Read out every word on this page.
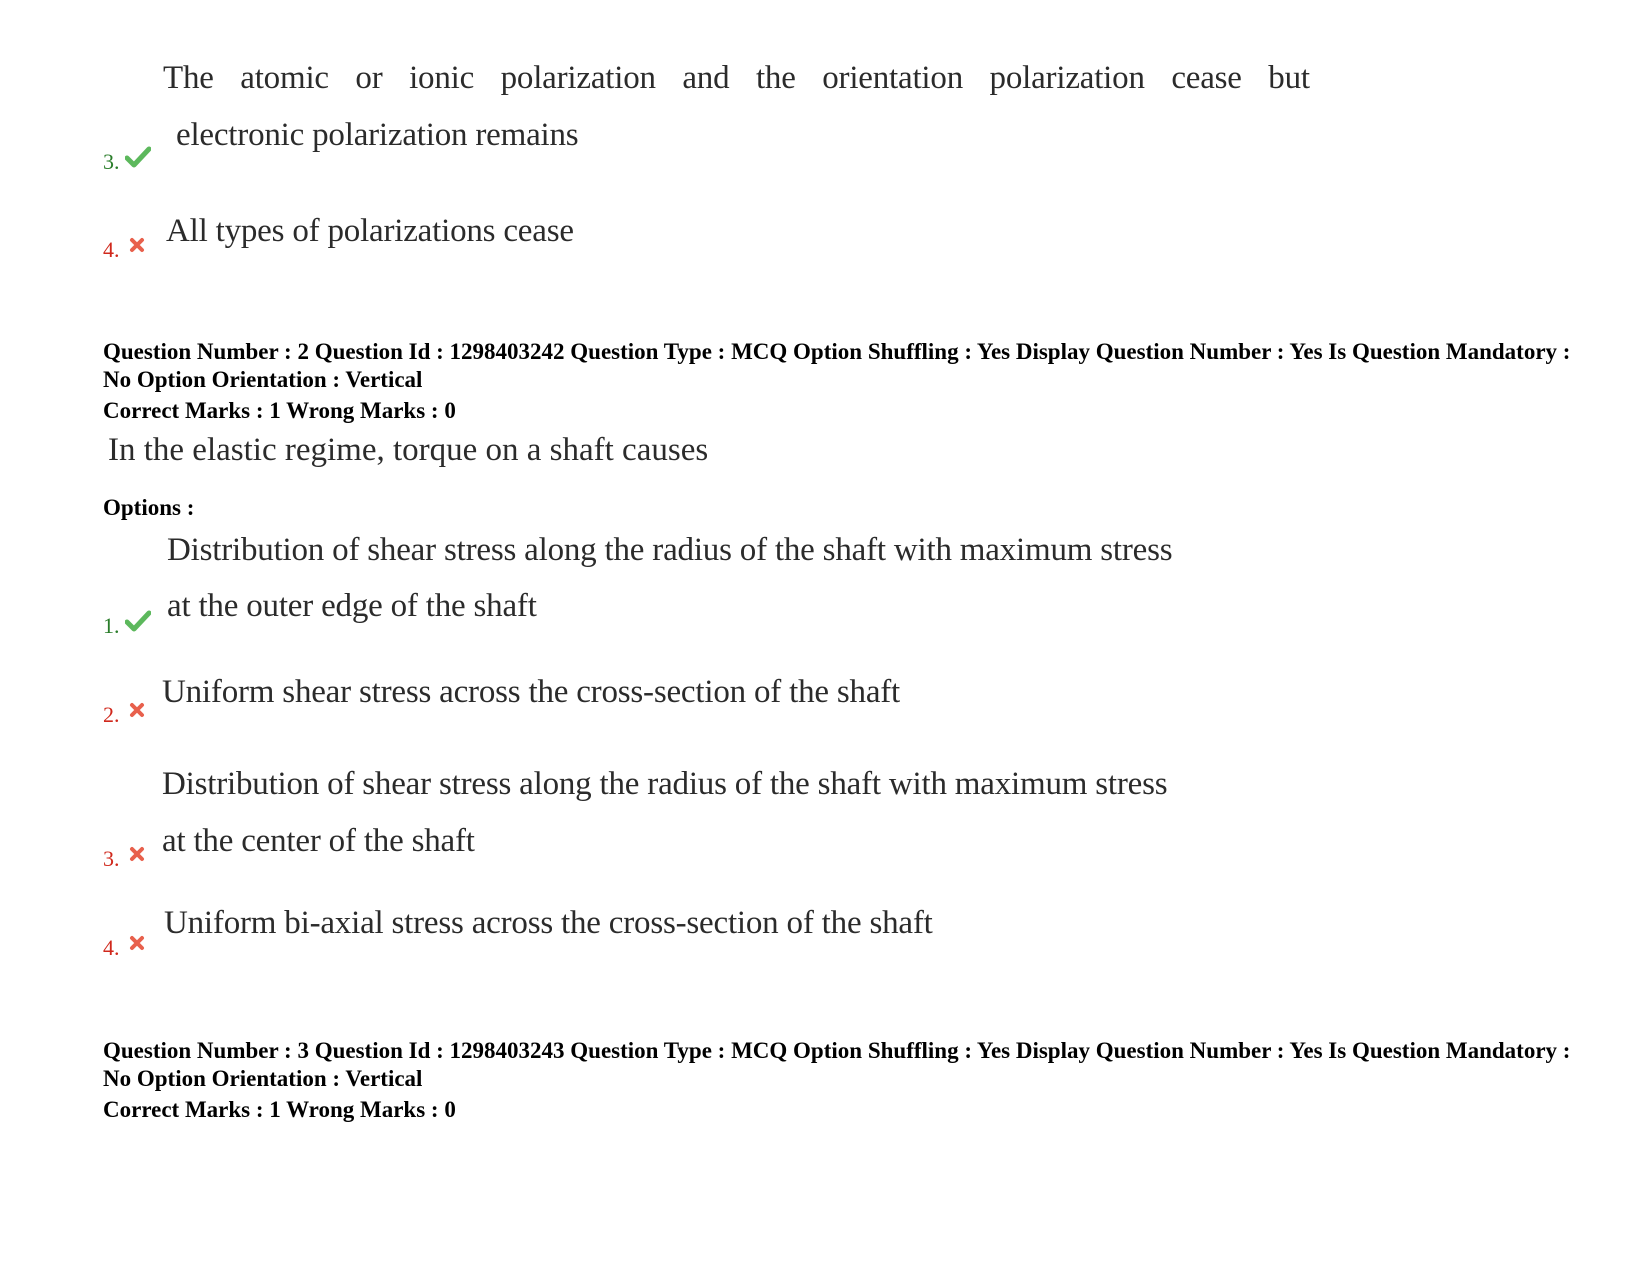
The atomic or ionic polarization and the orientation polarization cease but
electronic polarization remains
3.
All types of polarizations cease
4.
Question Number : 2 Question Id : 1298403242 Question Type : MCQ Option Shuffling : Yes Display Question Number : Yes Is Question Mandatory : No Option Orientation : Vertical
Correct Marks : 1 Wrong Marks : 0
In the elastic regime, torque on a shaft causes
Options :
Distribution of shear stress along the radius of the shaft with maximum stress
at the outer edge of the shaft
1.
Uniform shear stress across the cross-section of the shaft
2.
Distribution of shear stress along the radius of the shaft with maximum stress
at the center of the shaft
3.
Uniform bi-axial stress across the cross-section of the shaft
4.
Question Number : 3 Question Id : 1298403243 Question Type : MCQ Option Shuffling : Yes Display Question Number : Yes Is Question Mandatory : No Option Orientation : Vertical
Correct Marks : 1 Wrong Marks : 0
